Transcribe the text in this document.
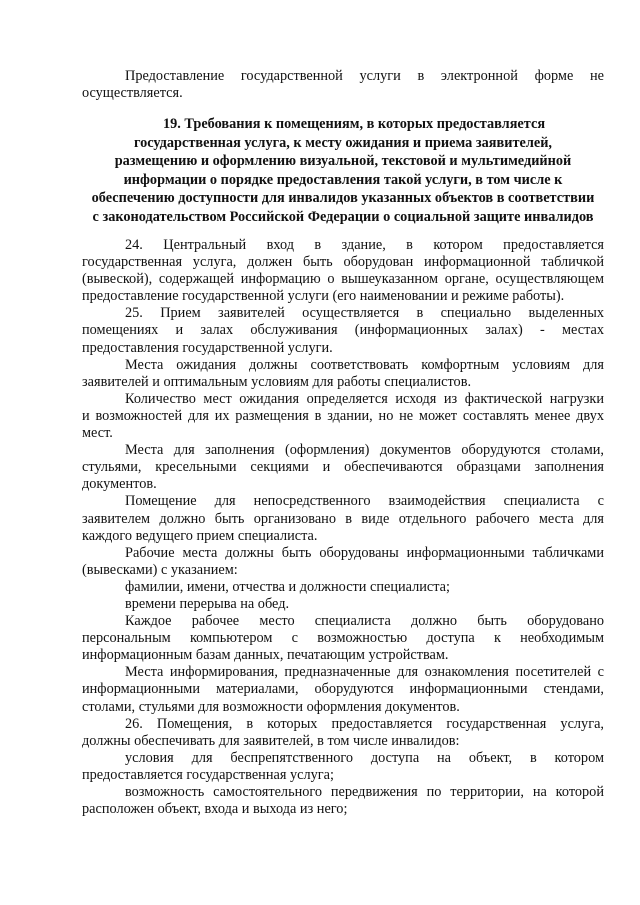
Предоставление государственной услуги в электронной форме не

осуществляется.

19. Требования к помещениям, в которых предоставляется
государственная услуга, к месту ожидания и приема заявителей,
размещению и оформлению визуальной, текстовой и мультимедийной
информации о порядке предоставления такой услуги, в том числе к
обеспечению доступности для инвалидов указанных объектов в соответствии
с законодательством Российской Федерации о социальной защите инвалидов

24. Центральный вход в здание, в котором предоставляется

государственная услуга, должен быть оборудован информационной табличкой

(вывеской), содержащей информацию о вышеуказанном органе, осуществляющем

предоставление государственной услуги (его наименовании и режиме работы).

25. Прием заявителей осуществляется в специально выделенных

помещениях и залах обслуживания (информационных залах) - местах

предоставления государственной услуги.

Места ожидания должны соответствовать комфортным условиям для

заявителей и оптимальным условиям для работы специалистов.

Количество мест ожидания определяется исходя из фактической нагрузки

и возможностей для их размещения в здании, но не может составлять менее двух

мест.

Места для заполнения (оформления) документов оборудуются столами,

стульями, кресельными секциями и обеспечиваются образцами заполнения

документов.

Помещение для непосредственного взаимодействия специалиста с

заявителем должно быть организовано в виде отдельного рабочего места для

каждого ведущего прием специалиста.

Рабочие места должны быть оборудованы информационными табличками

(вывесками) с указанием:

фамилии, имени, отчества и должности специалиста;

времени перерыва на обед.

Каждое рабочее место специалиста должно быть оборудовано

персональным компьютером с возможностью доступа к необходимым

информационным базам данных, печатающим устройствам.

Места информирования, предназначенные для ознакомления посетителей с

информационными материалами, оборудуются информационными стендами,

столами, стульями для возможности оформления документов.

26. Помещения, в которых предоставляется государственная услуга,

должны обеспечивать для заявителей, в том числе инвалидов:

условия для беспрепятственного доступа на объект, в котором

предоставляется государственная услуга;

возможность самостоятельного передвижения по территории, на которой

расположен объект, входа и выхода из него;
